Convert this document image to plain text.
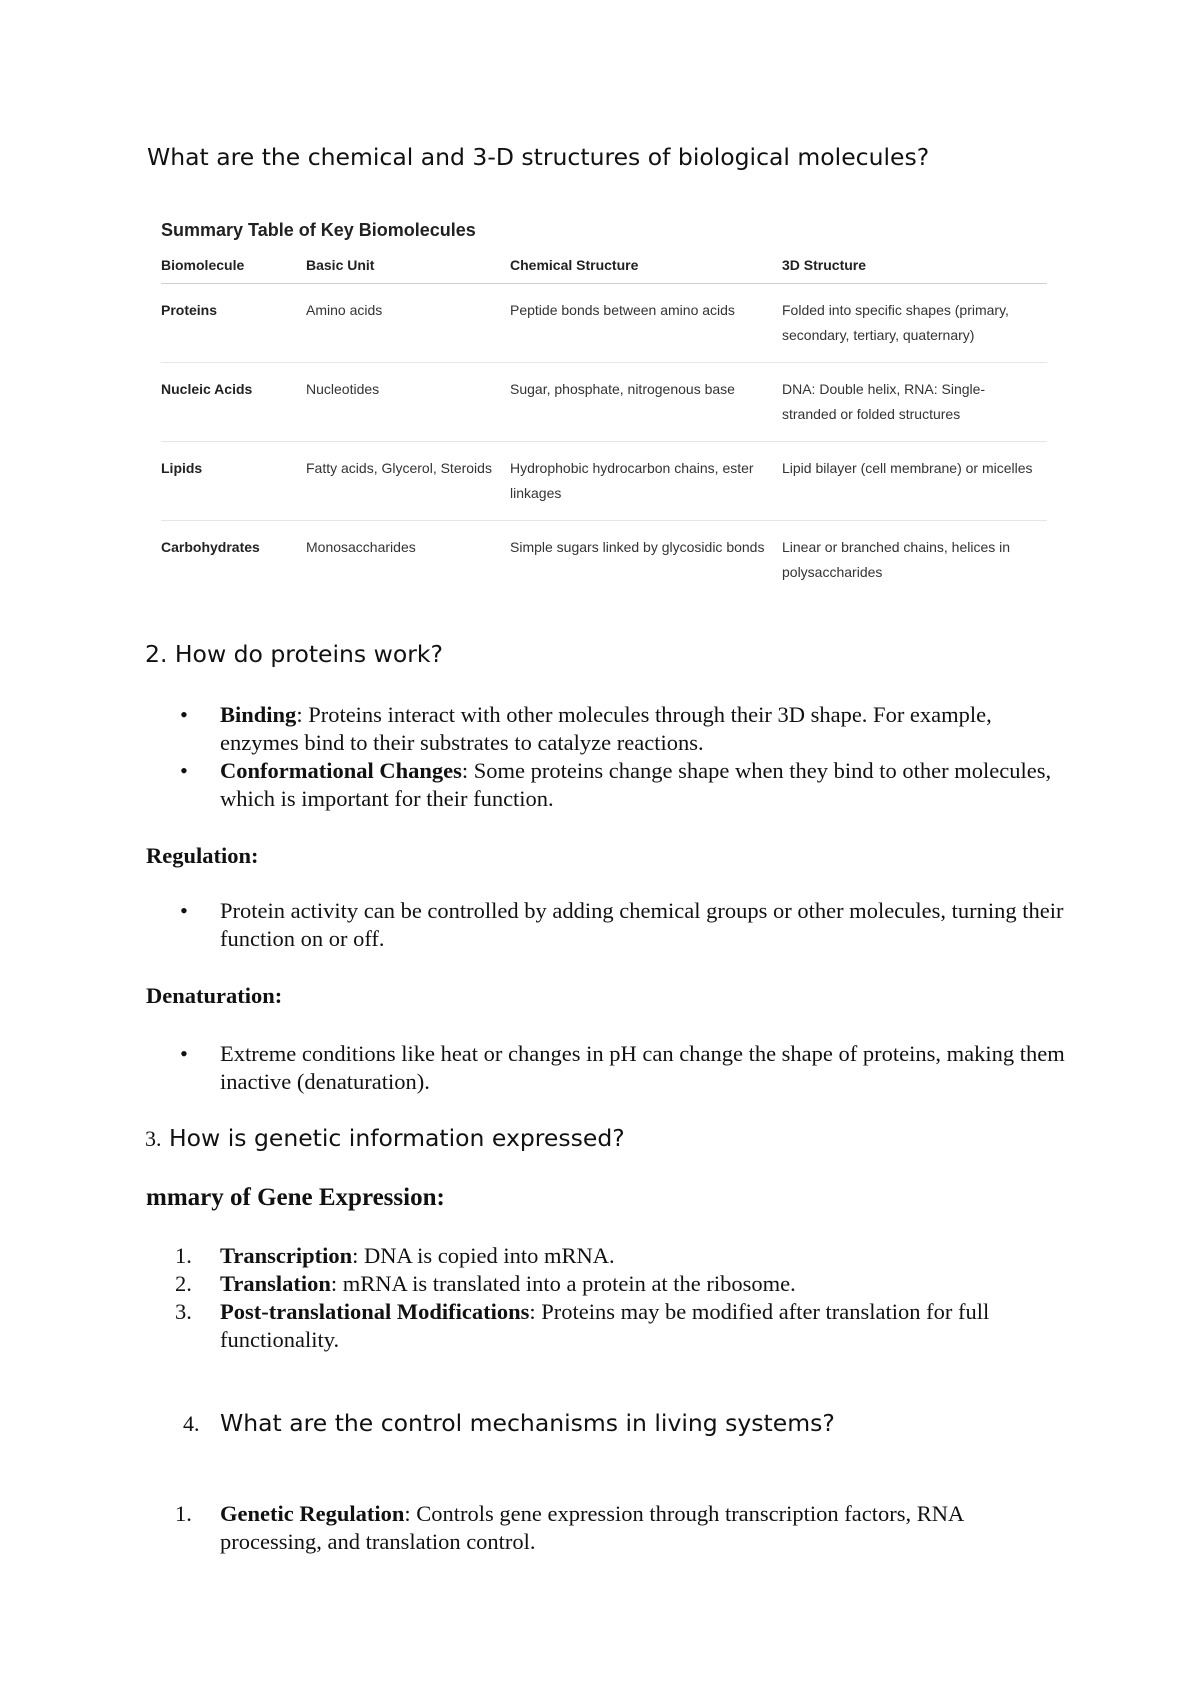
What are the chemical and 3-D structures of biological molecules?
Summary Table of Key Biomolecules
Biomolecule	Basic Unit	Chemical Structure	3D Structure
Proteins	Amino acids	Peptide bonds between amino acids	Folded into specific shapes (primary, secondary, tertiary, quaternary)
Nucleic Acids	Nucleotides	Sugar, phosphate, nitrogenous base	DNA: Double helix, RNA: Single-stranded or folded structures
Lipids	Fatty acids, Glycerol, Steroids	Hydrophobic hydrocarbon chains, ester linkages	Lipid bilayer (cell membrane) or micelles
Carbohydrates	Monosaccharides	Simple sugars linked by glycosidic bonds	Linear or branched chains, helices in polysaccharides
2. How do proteins work?
• Binding: Proteins interact with other molecules through their 3D shape. For example, enzymes bind to their substrates to catalyze reactions.
• Conformational Changes: Some proteins change shape when they bind to other molecules, which is important for their function.
Regulation:
• Protein activity can be controlled by adding chemical groups or other molecules, turning their function on or off.
Denaturation:
• Extreme conditions like heat or changes in pH can change the shape of proteins, making them inactive (denaturation).
3. How is genetic information expressed?
mmary of Gene Expression:
1. Transcription: DNA is copied into mRNA.
2. Translation: mRNA is translated into a protein at the ribosome.
3. Post-translational Modifications: Proteins may be modified after translation for full functionality.
4. What are the control mechanisms in living systems?
1. Genetic Regulation: Controls gene expression through transcription factors, RNA processing, and translation control.
